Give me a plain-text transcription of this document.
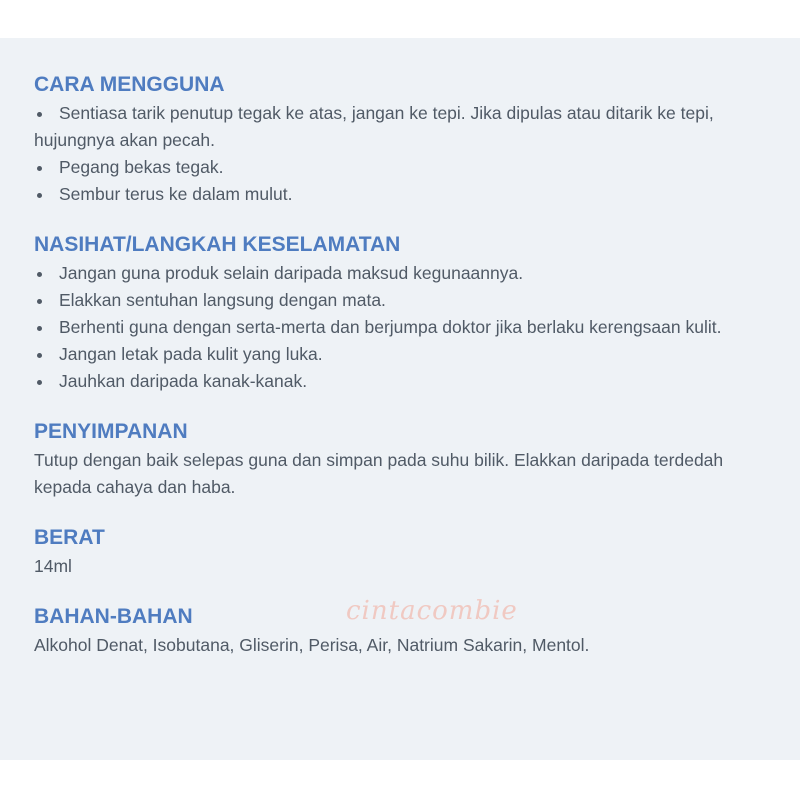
CARA MENGGUNA
Sentiasa tarik penutup tegak ke atas, jangan ke tepi. Jika dipulas atau ditarik ke tepi, hujungnya akan pecah.
Pegang bekas tegak.
Sembur terus ke dalam mulut.
NASIHAT/LANGKAH KESELAMATAN
Jangan guna produk selain daripada maksud kegunaannya.
Elakkan sentuhan langsung dengan mata.
Berhenti guna dengan serta-merta dan berjumpa doktor jika berlaku kerengsaan kulit.
Jangan letak pada kulit yang luka.
Jauhkan daripada kanak-kanak.
PENYIMPANAN

Tutup dengan baik selepas guna dan simpan pada suhu bilik. Elakkan daripada terdedah kepada cahaya dan haba.

BERAT

14ml

BAHAN-BAHAN

Alkohol Denat, Isobutana, Gliserin, Perisa, Air, Natrium Sakarin, Mentol.

cintacombie
